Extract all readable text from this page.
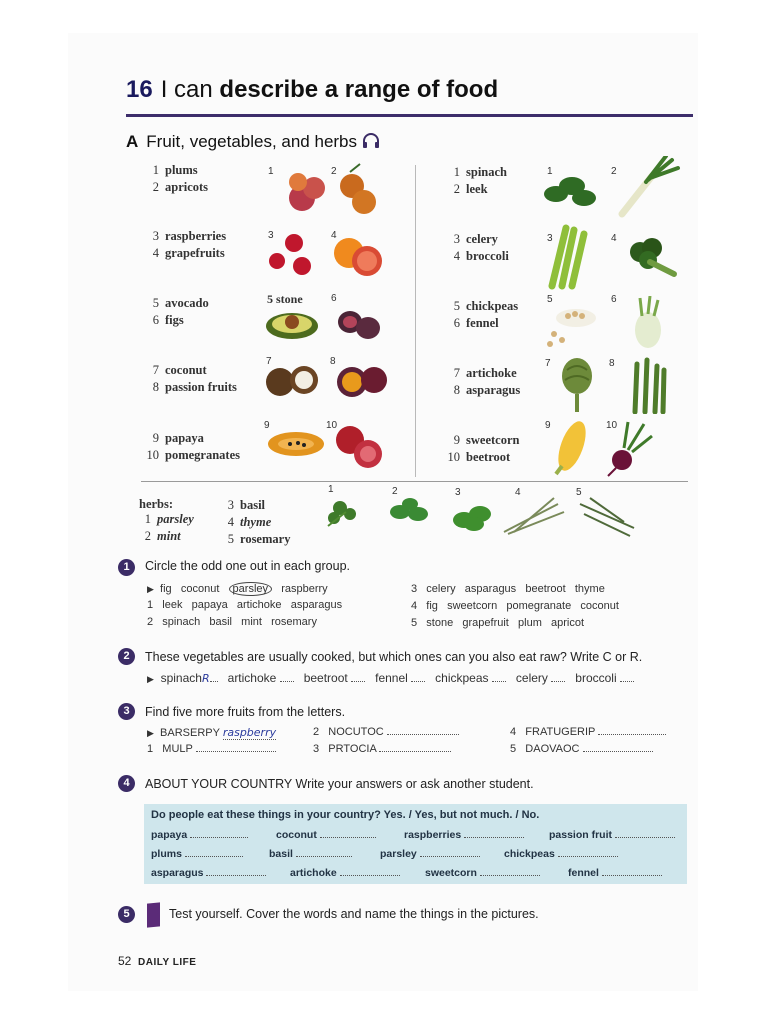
16 I can describe a range of food
A Fruit, vegetables, and herbs
1 plums
2 apricots
3 raspberries
4 grapefruits
5 avocado
6 figs
7 coconut
8 passion fruits
9 papaya
10 pomegranates
1	2
3	4
5 stone	6
7	8
9	10
1 spinach
2 leek
3 celery
4 broccoli
5 chickpeas
6 fennel
7 artichoke
8 asparagus
9 sweetcorn
10 beetroot
1	2
3	4
5	6
7	8
9	10
herbs:
1 parsley
2 mint
3 basil
4 thyme
5 rosemary
1	2	3	4	5
1	Circle the odd one out in each group.
▶ fig coconut parsley raspberry
1 leek   papaya   artichoke   asparagus
2 spinach   basil   mint   rosemary
3 celery   asparagus   beetroot   thyme
4 fig   sweetcorn   pomegranate   coconut
5 stone   grapefruit   plum   apricot
2	These vegetables are usually cooked, but which ones can you also eat raw? Write C or R.
▶ spinachR artichoke beetroot fennel chickpeas celery broccoli
3	Find five more fruits from the letters.
▶ BARSERPY raspberry
1 MULP
2 NOCUTOC
3 PRTOCIA
4 FRATUGERIP
5 DAOVAOC
4	ABOUT YOUR COUNTRY Write your answers or ask another student.
Do people eat these things in your country? Yes. / Yes, but not much. / No.
papaya	coconut	raspberries	passion fruit
plums	basil	parsley	chickpeas
asparagus	artichoke	sweetcorn	fennel
5	Test yourself. Cover the words and name the things in the pictures.
52 DAILY LIFE
